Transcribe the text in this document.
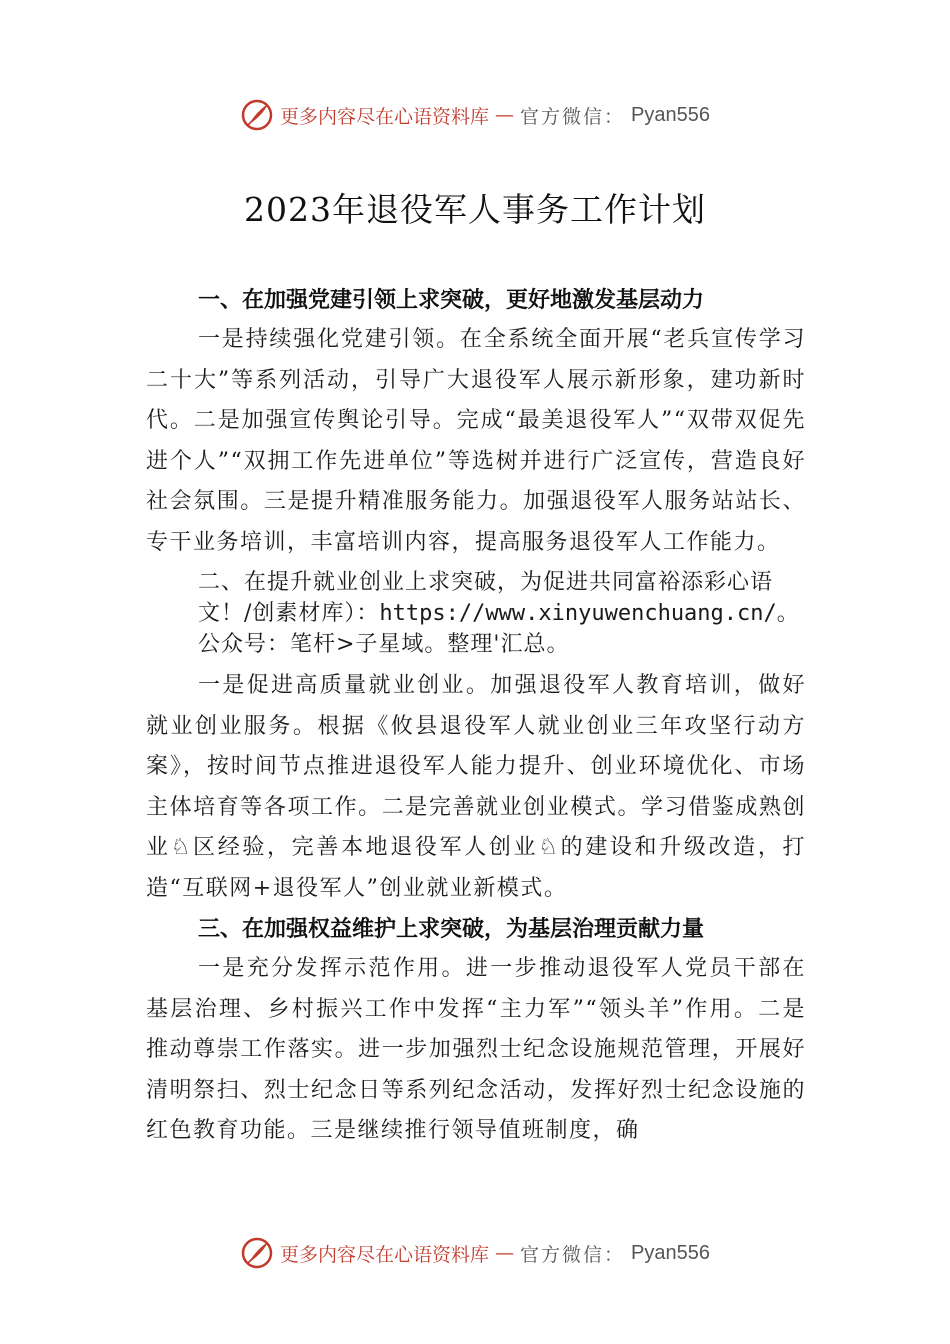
更多内容尽在心语资料库 — 官方微信： Pyan556
2023年退役军人事务工作计划

一、在加强党建引领上求突破，更好地激发基层动力

一是持续强化党建引领。在全系统全面开展“老兵宣传学习二十大”等系列活动，引导广大退役军人展示新形象，建功新时代。二是加强宣传舆论引导。完成“最美退役军人”“双带双促先进个人”“双拥工作先进单位”等选树并进行广泛宣传，营造良好社会氛围。三是提升精准服务能力。加强退役军人服务站站长、专干业务培训，丰富培训内容，提高服务退役军人工作能力。

二、在提升就业创业上求突破，为促进共同富裕添彩心语
文！/创素材库）：https://www.xinyuwenchuang.cn/。
公众号：笔杆>子星域。整理'汇总。

一是促进高质量就业创业。加强退役军人教育培训，做好就业创业服务。根据《攸县退役军人就业创业三年攻坚行动方案》，按时间节点推进退役军人能力提升、创业环境优化、市场主体培育等各项工作。二是完善就业创业模式。学习借鉴成熟创业♘区经验，完善本地退役军人创业♘的建设和升级改造，打造“互联网+退役军人”创业就业新模式。

三、在加强权益维护上求突破，为基层治理贡献力量

一是充分发挥示范作用。进一步推动退役军人党员干部在基层治理、乡村振兴工作中发挥“主力军”“领头羊”作用。二是推动尊崇工作落实。进一步加强烈士纪念设施规范管理，开展好清明祭扫、烈士纪念日等系列纪念活动，发挥好烈士纪念设施的红色教育功能。三是继续推行领导值班制度，确

更多内容尽在心语资料库 — 官方微信： Pyan556
